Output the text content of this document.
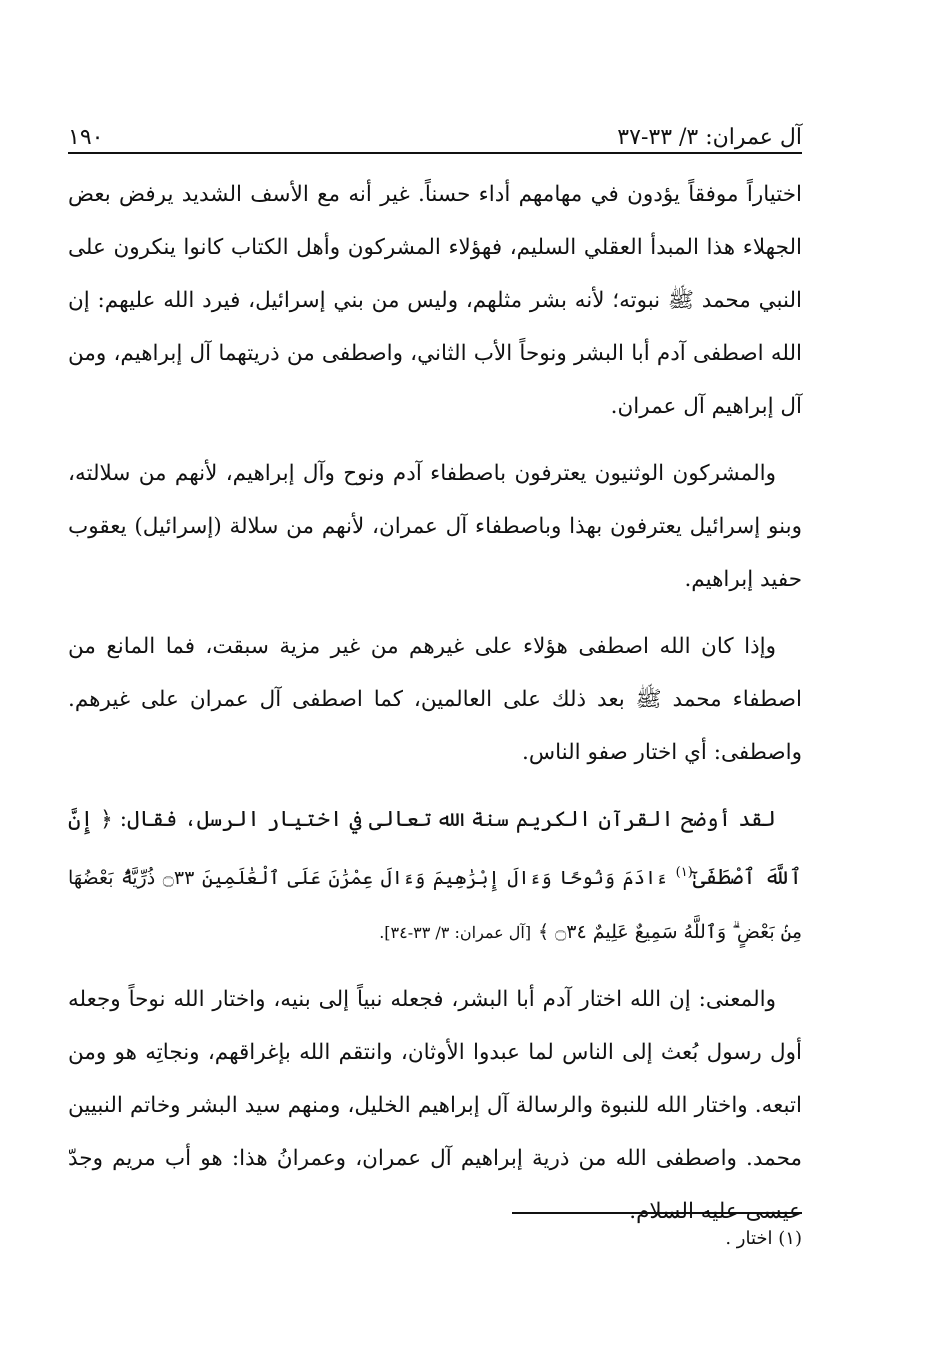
آل عمران: ٣/ ٣٣-٣٧
١٩٠

اختياراً موفقاً يؤدون في مهامهم أداء حسناً. غير أنه مع الأسف الشديد يرفض بعض الجهلاء هذا المبدأ العقلي السليم، فهؤلاء المشركون وأهل الكتاب كانوا ينكرون على النبي محمد ﷺ نبوته؛ لأنه بشر مثلهم، وليس من بني إسرائيل، فيرد الله عليهم: إن الله اصطفى آدم أبا البشر ونوحاً الأب الثاني، واصطفى من ذريتهما آل إبراهيم، ومن آل إبراهيم آل عمران.

والمشركون الوثنيون يعترفون باصطفاء آدم ونوح وآل إبراهيم، لأنهم من سلالته، وبنو إسرائيل يعترفون بهذا وباصطفاء آل عمران، لأنهم من سلالة (إسرائيل) يعقوب حفيد إبراهيم.

وإذا كان الله اصطفى هؤلاء على غيرهم من غير مزية سبقت، فما المانع من اصطفاء محمد ﷺ بعد ذلك على العالمين، كما اصطفى آل عمران على غيرهم. واصطفى: أي اختار صفو الناس.

لقد أوضح القرآن الكريم سنة الله تعالى في اختيار الرسل، فقال: ﴿ إِنَّ ٱللَّهَ ٱصْطَفَىٰٓ$^{(١)}$ ءَادَمَ وَنُوحًا وَءَالَ إِبْرَٰهِيمَ وَءَالَ عِمْرَٰنَ عَلَى ٱلْعَٰلَمِينَ ۝٣٣ ذُرِّيَّةًۢ بَعْضُهَا مِنۢ بَعْضٍ ۗ وَٱللَّهُ سَمِيعٌ عَلِيمٌ ۝٣٤ ﴾ [آل عمران: ٣/ ٣٣-٣٤].

والمعنى: إن الله اختار آدم أبا البشر، فجعله نبياً إلى بنيه، واختار الله نوحاً وجعله أول رسول بُعث إلى الناس لما عبدوا الأوثان، وانتقم الله بإغراقهم، ونجاتِه هو ومن اتبعه. واختار الله للنبوة والرسالة آل إبراهيم الخليل، ومنهم سيد البشر وخاتم النبيين محمد. واصطفى الله من ذرية إبراهيم آل عمران، وعمرانُ هذا: هو أب مريم وجدّ عيسى عليه السلام.

(١) اختار .
